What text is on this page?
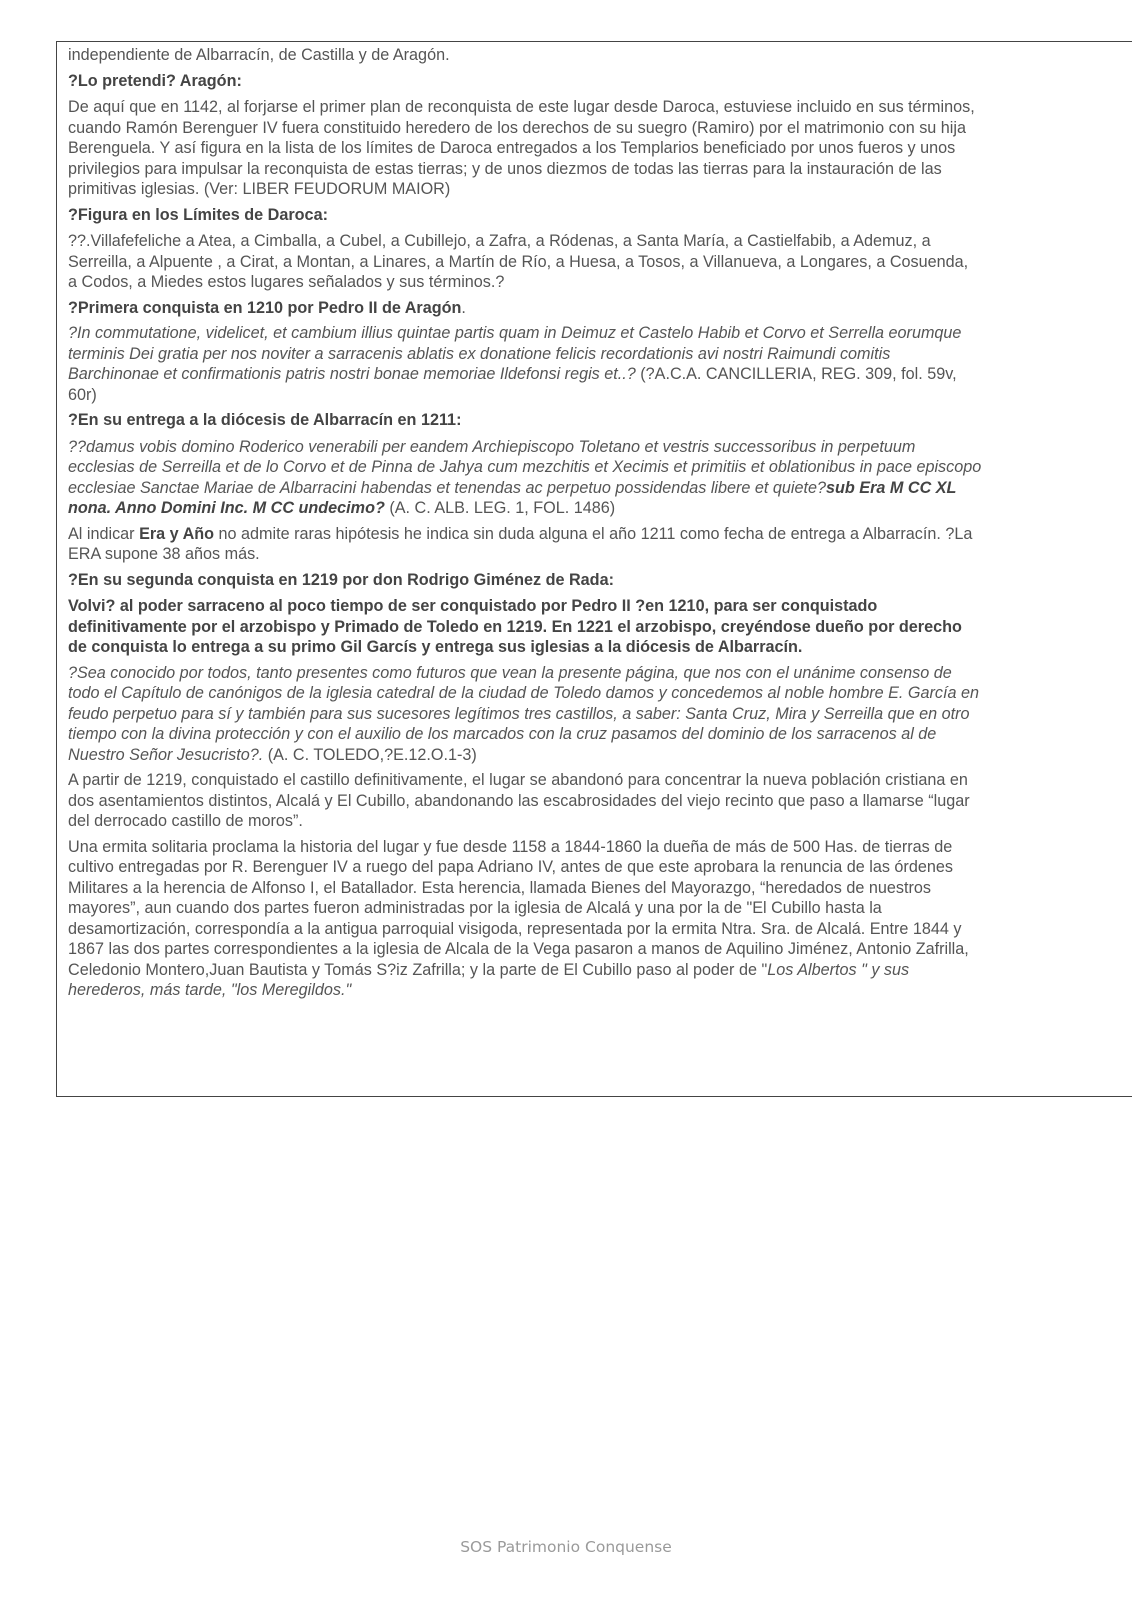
independiente de Albarracín, de Castilla y de Aragón.

?Lo pretendi? Aragón:

De aquí que en 1142, al forjarse el primer plan de reconquista de este lugar desde Daroca, estuviese incluido en sus términos,
cuando Ramón Berenguer IV fuera constituido heredero de los derechos de su suegro (Ramiro) por el matrimonio con su hija
Berenguela. Y así figura en la lista de los límites de Daroca entregados a los Templarios beneficiado por unos fueros y unos
privilegios para impulsar la reconquista de estas tierras; y de unos diezmos de todas las tierras para la instauración de las
primitivas iglesias. (Ver: LIBER FEUDORUM MAIOR)

?Figura en los Límites de Daroca:

??.Villafefeliche a Atea, a Cimballa, a Cubel, a Cubillejo, a Zafra, a Ródenas, a Santa María, a Castielfabib, a Ademuz, a
Serreilla, a Alpuente , a Cirat, a Montan, a Linares, a Martín de Río, a Huesa, a Tosos, a Villanueva, a Longares, a Cosuenda,
a Codos, a Miedes estos lugares señalados y sus términos.?

?Primera conquista en 1210 por Pedro II de Aragón.

?In commutatione, videlicet, et cambium illius quintae partis quam in Deimuz et Castelo Habib et Corvo et Serrella eorumque
terminis Dei gratia per nos noviter a sarracenis ablatis ex donatione felicis recordationis avi nostri Raimundi comitis
Barchinonae et confirmationis patris nostri bonae memoriae Ildefonsi regis et..? (?A.C.A. CANCILLERIA, REG. 309, fol. 59v,
60r)

?En su entrega a la diócesis de Albarracín en 1211:

??damus vobis domino Roderico venerabili per eandem Archiepiscopo Toletano et vestris successoribus in perpetuum
ecclesias de Serreilla et de lo Corvo et de Pinna de Jahya cum mezchitis et Xecimis et primitiis et oblationibus in pace episcopo
ecclesiae Sanctae Mariae de Albarracini habendas et tenendas ac perpetuo possidendas libere et quiete?sub Era M CC XL
nona. Anno Domini Inc. M CC undecimo? (A. C. ALB. LEG. 1, FOL. 1486)

Al indicar Era y Año no admite raras hipótesis he indica sin duda alguna el año 1211 como fecha de entrega a Albarracín. ?La
ERA supone 38 años más.

?En su segunda conquista en 1219 por don Rodrigo Giménez de Rada:

Volvi? al poder sarraceno al poco tiempo de ser conquistado por Pedro II ?en 1210, para ser conquistado
definitivamente por el arzobispo y Primado de Toledo en 1219. En 1221 el arzobispo, creyéndose dueño por derecho
de conquista lo entrega a su primo Gil Garcís y entrega sus iglesias a la diócesis de Albarracín.

?Sea conocido por todos, tanto presentes como futuros que vean la presente página, que nos con el unánime consenso de
todo el Capítulo de canónigos de la iglesia catedral de la ciudad de Toledo damos y concedemos al noble hombre E. García en
feudo perpetuo para sí y también para sus sucesores legítimos tres castillos, a saber: Santa Cruz, Mira y Serreilla que en otro
tiempo con la divina protección y con el auxilio de los marcados con la cruz pasamos del dominio de los sarracenos al de
Nuestro Señor Jesucristo?. (A. C. TOLEDO,?E.12.O.1-3)

A partir de 1219, conquistado el castillo definitivamente, el lugar se abandonó para concentrar la nueva población cristiana en
dos asentamientos distintos, Alcalá y El Cubillo, abandonando las escabrosidades del viejo recinto que paso a llamarse “lugar
del derrocado castillo de moros”.

Una ermita solitaria proclama la historia del lugar y fue desde 1158 a 1844-1860 la dueña de más de 500 Has. de tierras de
cultivo entregadas por R. Berenguer IV a ruego del papa Adriano IV, antes de que este aprobara la renuncia de las órdenes
Militares a la herencia de Alfonso I, el Batallador. Esta herencia, llamada Bienes del Mayorazgo, “heredados de nuestros
mayores”, aun cuando dos partes fueron administradas por la iglesia de Alcalá y una por la de "El Cubillo hasta la
desamortización, correspondía a la antigua parroquial visigoda, representada por la ermita Ntra. Sra. de Alcalá. Entre 1844 y
1867 las dos partes correspondientes a la iglesia de Alcala de la Vega pasaron a manos de Aquilino Jiménez, Antonio Zafrilla,
Celedonio Montero,Juan Bautista y Tomás S?iz Zafrilla; y la parte de El Cubillo paso al poder de "Los Albertos " y sus
herederos, más tarde, "los Meregildos."

SOS Patrimonio Conquense
